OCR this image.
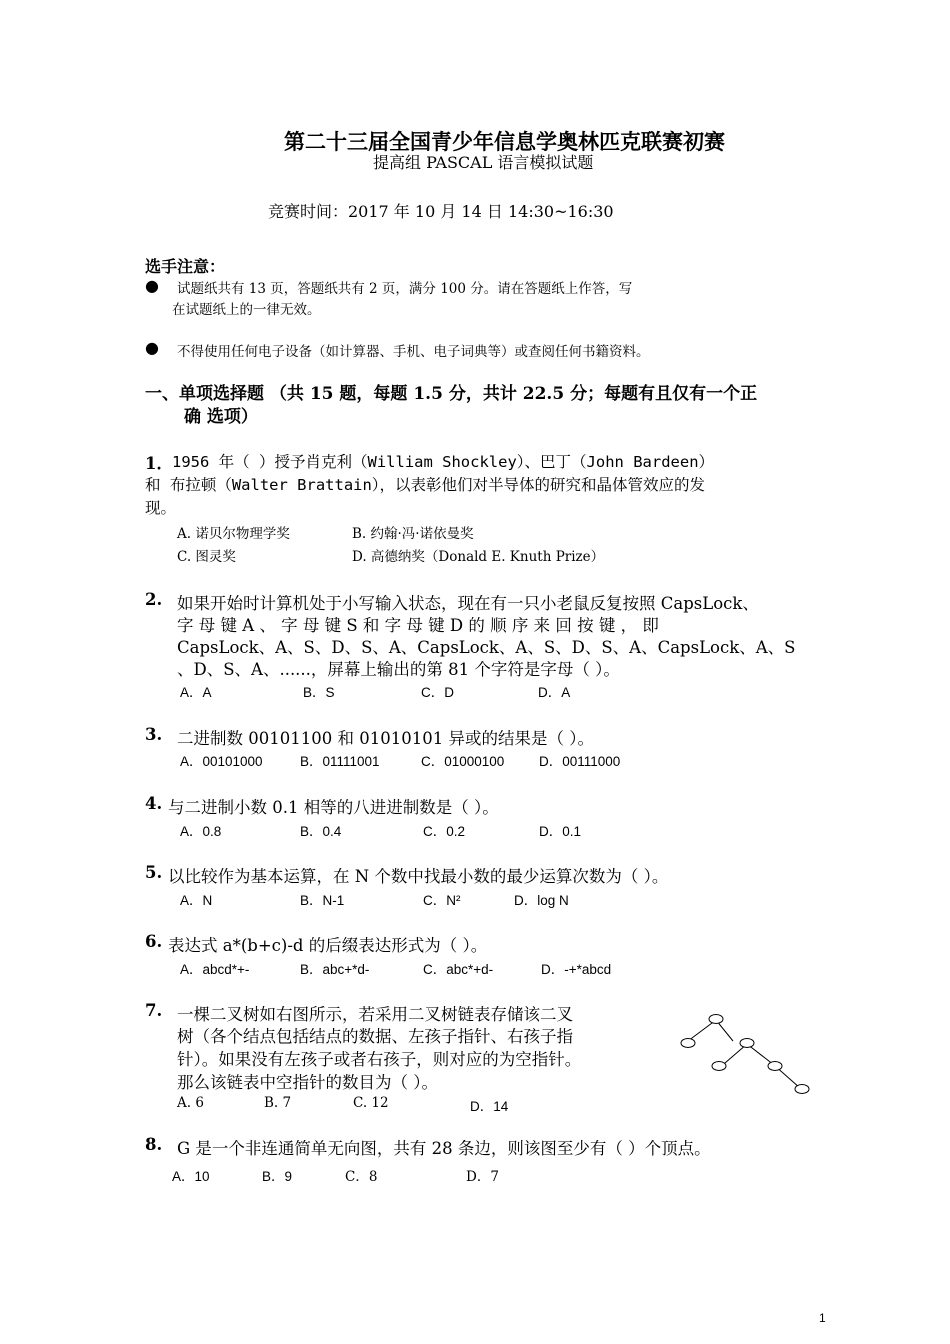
第二十三届全国青少年信息学奥林匹克联赛初赛
提高组 PASCAL 语言模拟试题
竞赛时间：2017 年 10 月 14 日 14:30~16:30
选手注意：
● 试题纸共有 13 页，答题纸共有 2 页，满分 100 分。请在答题纸上作答，写
在试题纸上的一律无效。
● 不得使用任何电子设备（如计算器、手机、电子词典等）或查阅任何书籍资料。
一、单项选择题 （共 15 题，每题 1.5 分，共计 22.5 分；每题有且仅有一个正
确 选项）
1． 1956 年（ ）授予肖克利（William Shockley）、巴丁（John Bardeen）
和 布拉顿（Walter Brattain），以表彰他们对半导体的研究和晶体管效应的发
现。
A. 诺贝尔物理学奖	B. 约翰·冯·诺依曼奖
C. 图灵奖	D. 高德纳奖（Donald E. Knuth Prize）
2. 如果开始时计算机处于小写输入状态，现在有一只小老鼠反复按照 CapsLock、
字 母 键 A 、 字 母 键 S 和 字 母 键 D 的 顺 序 来 回 按 键 ， 即
CapsLock、A、S、D、S、A、CapsLock、A、S、D、S、A、CapsLock、A、S
、D、S、A、......，屏幕上输出的第 81 个字符是字母（ ）。
A．A	B．S	C．D	D．A
3. 二进制数 00101100 和 01010101 异或的结果是（ ）。
A．00101000	B．01111001	C．01000100	D．00111000
4. 与二进制小数 0.1 相等的八进进制数是（ ）。
A．0.8	B．0.4	C．0.2	D．0.1
5. 以比较作为基本运算，在 N 个数中找最小数的最少运算次数为（ ）。
A．N	B．N-1	C．N²	D．log N
6. 表达式 a*(b+c)-d 的后缀表达形式为（ ）。
A．abcd*+-	B．abc+*d-	C．abc*+d-	D．-+*abcd
7. 一棵二叉树如右图所示，若采用二叉树链表存储该二叉
树（各个结点包括结点的数据、左孩子指针、右孩子指
针）。如果没有左孩子或者右孩子，则对应的为空指针。
那么该链表中空指针的数目为（ ）。
A. 6	B. 7	C. 12	D．14
8. G 是一个非连通简单无向图，共有 28 条边，则该图至少有（ ）个顶点。
A．10	B．9	C．8	D．7
1
